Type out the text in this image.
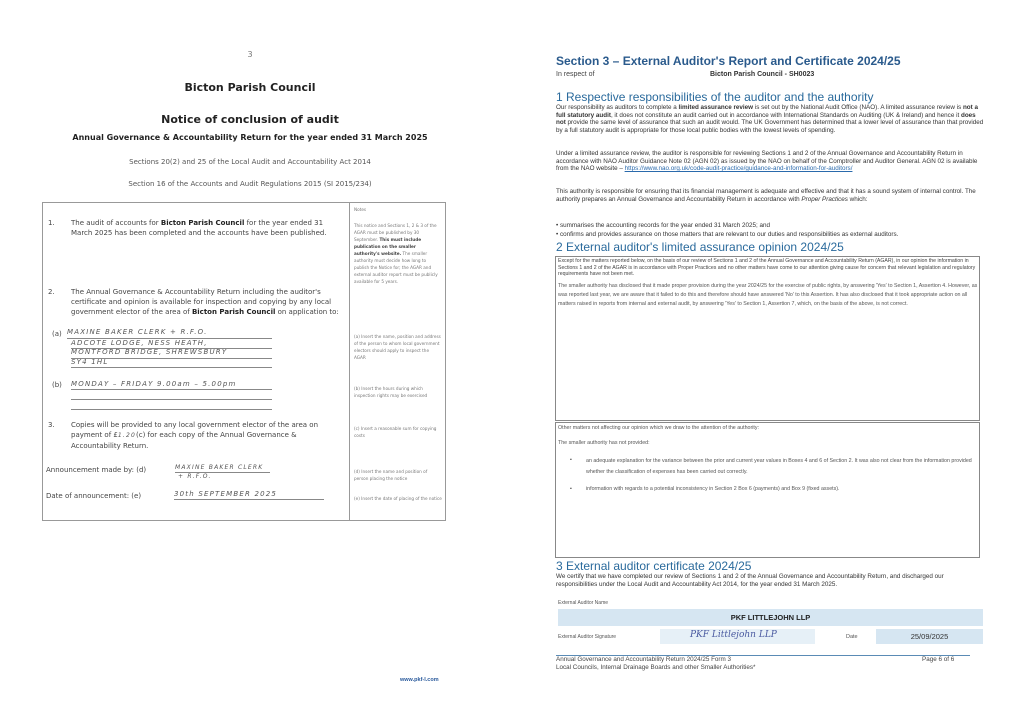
3
Bicton Parish Council
Notice of conclusion of audit
Annual Governance & Accountability Return for the year ended 31 March 2025
Sections 20(2) and 25 of the Local Audit and Accountability Act 2014
Section 16 of the Accounts and Audit Regulations 2015 (SI 2015/234)
1. The audit of accounts for Bicton Parish Council for the year ended 31 March 2025 has been completed and the accounts have been published.
2. The Annual Governance & Accountability Return including the auditor's certificate and opinion is available for inspection and copying by any local government elector of the area of Bicton Parish Council on application to:
(a) MAXINE BAKER CLERK + R.F.O.
ADCOTE LODGE, NESS HEATH,
MONTFORD BRIDGE, SHREWSBURY
SY4 1HL
(b) MONDAY – FRIDAY 9.00am – 5.00pm
3. Copies will be provided to any local government elector of the area on payment of £1.20(c) for each copy of the Annual Governance & Accountability Return.
Announcement made by: (d)	MAXINE BAKER CLERK
+ R.F.O.
Date of announcement: (e)	30th SEPTEMBER 2025
Notes
This notice and Sections 1, 2 & 3 of the AGAR must be published by 30 September. This must include publication on the smaller authority's website. The smaller authority must decide how long to publish the Notice for; the AGAR and external auditor report must be publicly available for 5 years.
(a) Insert the name, position and address of the person to whom local government electors should apply to inspect the AGAR
(b) Insert the hours during which inspection rights may be exercised
(c) Insert a reasonable sum for copying costs
(d) Insert the name and position of person placing the notice
(e) Insert the date of placing of the notice
www.pkf-l.com
Section 3 – External Auditor's Report and Certificate 2024/25
In respect of	Bicton Parish Council - SH0023
1 Respective responsibilities of the auditor and the authority
Our responsibility as auditors to complete a limited assurance review is set out by the National Audit Office (NAO). A limited assurance review is not a full statutory audit, it does not constitute an audit carried out in accordance with International Standards on Auditing (UK & Ireland) and hence it does not provide the same level of assurance that such an audit would. The UK Government has determined that a lower level of assurance than that provided by a full statutory audit is appropriate for those local public bodies with the lowest levels of spending.
Under a limited assurance review, the auditor is responsible for reviewing Sections 1 and 2 of the Annual Governance and Accountability Return in accordance with NAO Auditor Guidance Note 02 (AGN 02) as issued by the NAO on behalf of the Comptroller and Auditor General. AGN 02 is available from the NAO website – https://www.nao.org.uk/code-audit-practice/guidance-and-information-for-auditors/
This authority is responsible for ensuring that its financial management is adequate and effective and that it has a sound system of internal control. The authority prepares an Annual Governance and Accountability Return in accordance with Proper Practices which:
• summarises the accounting records for the year ended 31 March 2025; and
• confirms and provides assurance on those matters that are relevant to our duties and responsibilities as external auditors.
2 External auditor's limited assurance opinion 2024/25
Except for the matters reported below, on the basis of our review of Sections 1 and 2 of the Annual Governance and Accountability Return (AGAR), in our opinion the information in Sections 1 and 2 of the AGAR is in accordance with Proper Practices and no other matters have come to our attention giving cause for concern that relevant legislation and regulatory requirements have not been met.
The smaller authority has disclosed that it made proper provision during the year 2024/25 for the exercise of public rights, by answering 'Yes' to Section 1, Assertion 4. However, as was reported last year, we are aware that it failed to do this and therefore should have answered 'No' to this Assertion. It has also disclosed that it took appropriate action on all matters raised in reports from internal and external audit, by answering 'Yes' to Section 1, Assertion 7, which, on the basis of the above, is not correct.
Other matters not affecting our opinion which we draw to the attention of the authority:
The smaller authority has not provided:
▪	an adequate explanation for the variance between the prior and current year values in Boxes 4 and 6 of Section 2. It was also not clear from the information provided whether the classification of expenses has been carried out correctly.
▪	information with regards to a potential inconsistency in Section 2 Box 6 (payments) and Box 9 (fixed assets).
3 External auditor certificate 2024/25
We certify that we have completed our review of Sections 1 and 2 of the Annual Governance and Accountability Return, and discharged our responsibilities under the Local Audit and Accountability Act 2014, for the year ended 31 March 2025.
External Auditor Name
PKF LITTLEJOHN LLP
External Auditor Signature	PKF Littlejohn LLP	Date	25/09/2025
Annual Governance and Accountability Return 2024/25 Form 3
Local Councils, Internal Drainage Boards and other Smaller Authorities*
Page 6 of 6
